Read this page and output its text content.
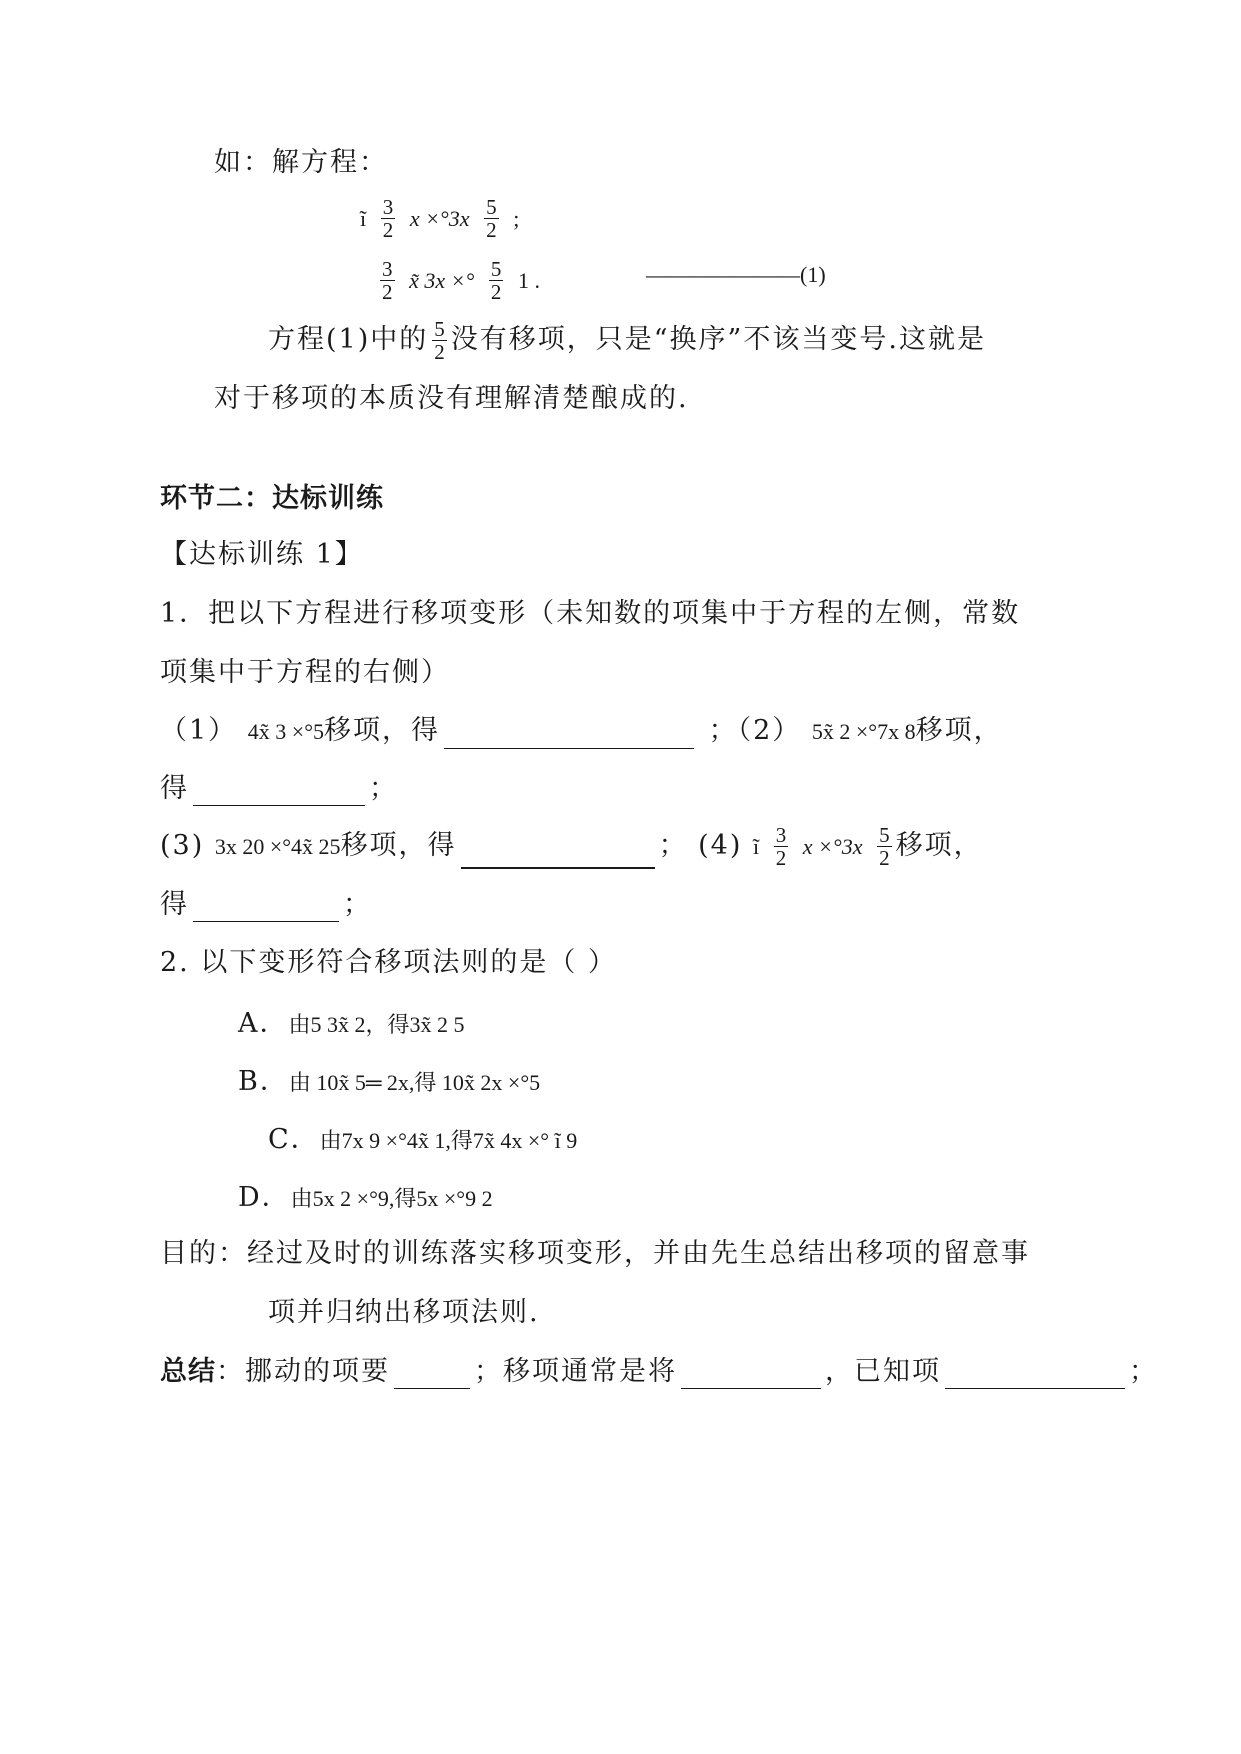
如：解方程：
ĩ $\frac{3}{2}$ $x \times^\circ 3x \frac{5}{2}$ ;
$\frac{3}{2}$ x̃ 3x ×° $\frac{5}{2} 1$ .	———————(1)
方程(1)中的 $\frac{5}{2}$ 没有移项，只是“换序”不该当变号.这就是
对于移项的本质没有理解清楚酿成的.
环节二：达标训练
【达标训练 1】
1．把以下方程进行移项变形（未知数的项集中于方程的左侧，常数
项集中于方程的右侧）
（1） 4x̃ 3 ×°5移项，得	；（2） 5x̃ 2 ×°7x 8移项，
得	；
(3) 3x 20 ×°4x̃ 25移项，得	； (4) ĩ $\frac{3}{2}$ $x \times^\circ 3x \frac{5}{2}$ 移项，
得	；
2. 以下变形符合移项法则的是（ ）
A．由5 3x̃ 2，得3x̃ 2 5
B．由 10x̃ 5═ 2x,得 10x̃ 2x ×°5
C．由7x 9 ×°4x̃ 1,得7x̃ 4x ×° ĩ 9
D．由5x 2 ×°9,得5x ×°9 2
目的：经过及时的训练落实移项变形，并由先生总结出移项的留意事
项并归纳出移项法则.
总结：挪动的项要	；移项通常是将	，已知项	；
